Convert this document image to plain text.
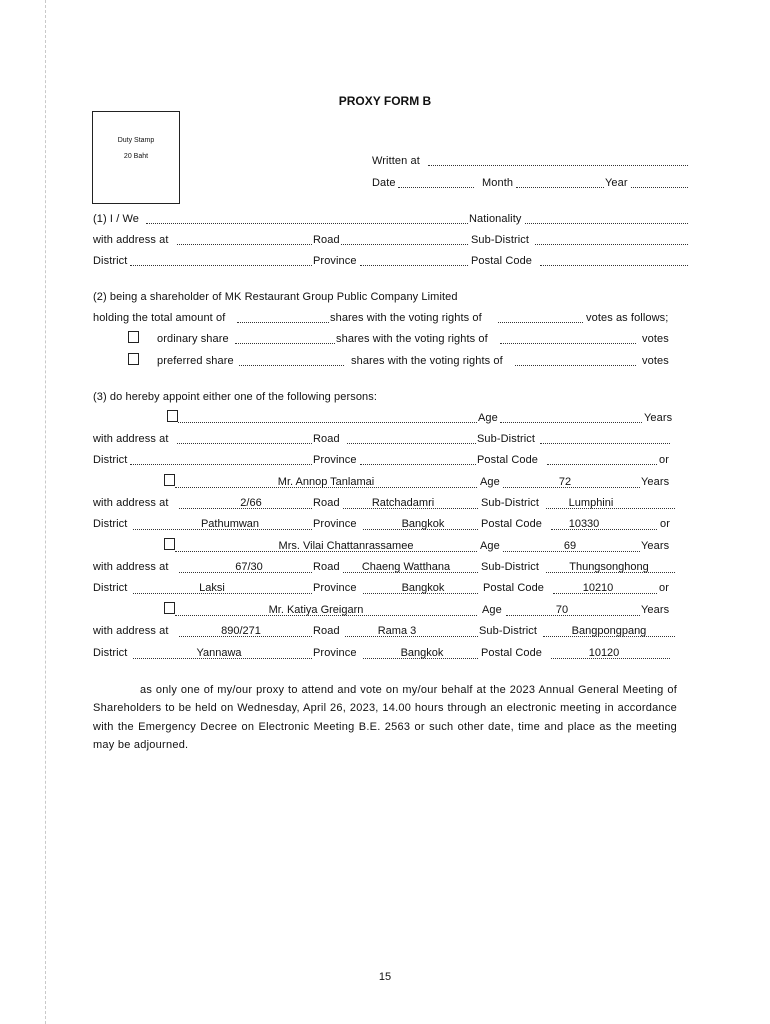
PROXY FORM B
Duty Stamp
20 Baht	Written at
Date	Month	Year
(1) I / We	Nationality
with address at	Road	Sub-District
District	Province	Postal Code
(2) being a shareholder of MK Restaurant Group Public Company Limited
holding the total amount of	shares with the voting rights of	votes as follows;
ordinary share	shares with the voting rights of	votes
preferred share	shares with the voting rights of	votes
(3) do hereby appoint either one of the following persons:
Age	Years
with address at	Road	Sub-District
District	Province	Postal Code	or
Mr. Annop Tanlamai	Age	72	Years
with address at	2/66	Road	Ratchadamri	Sub-District	Lumphini
District	Pathumwan	Province	Bangkok	Postal Code	10330	or
Mrs. Vilai Chattanrassamee	Age	69	Years
with address at	67/30	Road	Chaeng Watthana	Sub-District	Thungsonghong
District	Laksi	Province	Bangkok	Postal Code	10210	or
Mr. Katiya Greigarn	Age	70	Years
with address at	890/271	Road	Rama 3	Sub-District	Bangpongpang
District	Yannawa	Province	Bangkok	Postal Code	10120
as only one of my/our proxy to attend and vote on my/our behalf at the 2023 Annual General Meeting of Shareholders to be held on Wednesday, April 26, 2023, 14.00 hours through an electronic meeting in accordance with the Emergency Decree on Electronic Meeting B.E. 2563 or such other date, time and place as the meeting may be adjourned.
15
